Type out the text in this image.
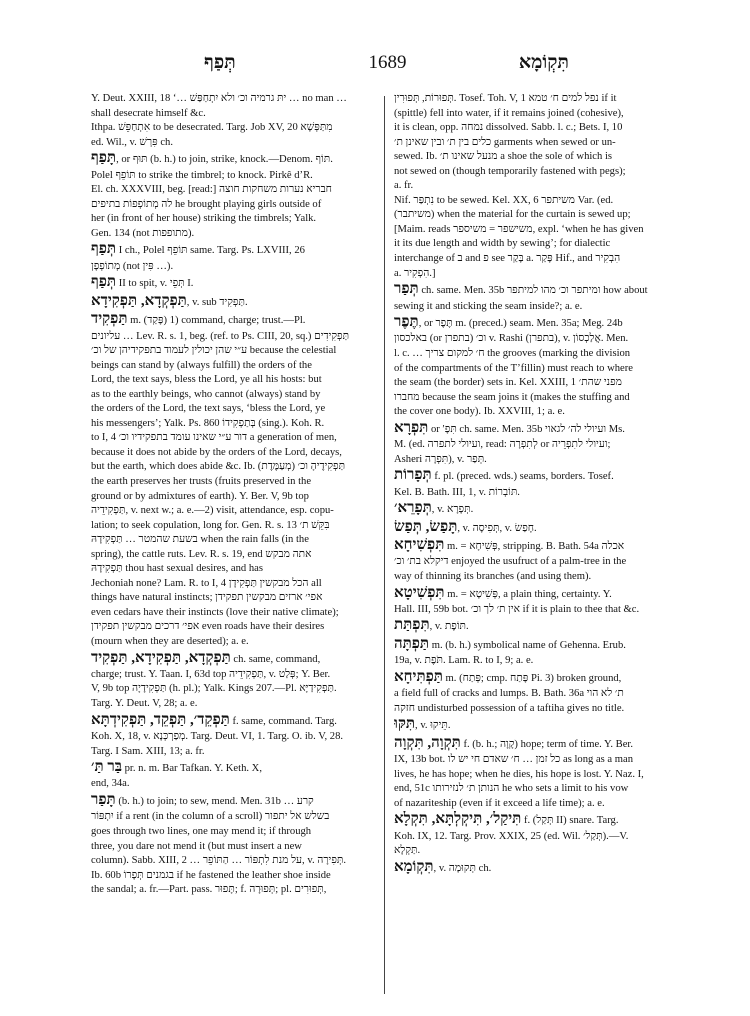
תְּפַף	1689	תִּקְוֹמָא
Y. Deut. XXIII, 18 ‘… יתּ גרמיה וכ׳ ולא יִתְחַפַּשׁ … no man …
shall desecrate himself &c.
Ithpa. אִתְחַפֵּשׁ to be desecrated. Targ. Job XV, 20 מִתַּפְּשָׁא
ed. Wil., v. פִּרְשׁ ch.
תָּפַף, or תּוּף (b. h.) to join, strike, knock.—Denom. תּוֹף.
Polel תּוֹפֵף to strike the timbrel; to knock. Pirkê d’R.
El. ch. XXXVIII, beg. [read:] חבריא נערות משחקות חוצה
לה מְתוֹפְפוֹת בתיפים he brought playing girls outside of
her (in front of her house) striking the timbrels; Yalk.
Gen. 134 (not מתופפות).
תְּפַף I ch., Polel תּוֹפֵף same. Targ. Ps. LXVIII, 26
מְתוֹפְפָן (not פִּין …).
תְּפַף II to spit, v. תְּפֵי I.
תַּפְקְדָא, תַּפְקִידָא, v. sub תַּפְקִיד.
תַּפְקִיד m. (פָּקַד) 1) command, charge; trust.—Pl.
עליונים … Lev. R. s. 1, beg. (ref. to Ps. CIII, 20, sq.) תַּפְקִידִים
ע״י שהן יכולין לעמוד בתפקידיהן של וכ׳ because the celestial
beings can stand by (always fulfill) the orders of the
Lord, the text says, bless the Lord, ye all his hosts: but
as to the earthly beings, who cannot (always) stand by
the orders of the Lord, the text says, ‘bless the Lord, ye
his messengers’; Yalk. Ps. 860 בְּתַפְקִידוֹ (sing.). Koh. R.
to I, 4 דור ע״י שאינו עומד בתפקידיו וכ׳ a generation of men,
because it does not abide by the orders of the Lord, decays,
but the earth, which does abide &c. Ib. (מְעַמֶּדֶת) תַּפְקִידֶיהָ וכ׳
the earth preserves her trusts (fruits preserved in the
ground or by admixtures of earth). Y. Ber. V, 9b top
תַּפְקִידֵיה, v. next w.; a. e.—2) visit, attendance, esp. copu-
lation; to seek copulation, long for. Gen. R. s. 13 בִּקֵּשׁ ת׳
בשעת שהמטר … תַּפְקִידָהּ when the rain falls (in the
spring), the cattle ruts. Lev. R. s. 19, end אתה מבקש
תַּפְקִידָהּ thou hast sexual desires, and has
Jechoniah none? Lam. R. to I, 4 הכל מבקשין תַּפְקִידָן all
things have natural instincts; אפי׳ ארזים מבקשין תפקידן
even cedars have their instincts (love their native climate);
אפי׳ דרכים מבקשין תפקידן even roads have their desires
(mourn when they are deserted); a. e.
תַּפְקְדָא, תַּפְקִידָא, תַּפְקִיד ch. same, command,
charge; trust. Y. Taan. I, 63d top תַּפְקִידֵיה, v. פְּלַט; Y. Ber.
V, 9b top תַּפְקִידָיָה (h. pl.); Yalk. Kings 207.—Pl. תַּפְקִידַיָּא.
Targ. Y. Deut. V, 28; a. e.
תַּפְקֵד׳, תַּפְקֵד, תַּפְקִידְתָּא f. same, command. Targ.
Koh. X, 18, v. מְפַרְכְּנָא. Targ. Deut. VI, 1. Targ. O. ib. V, 28.
Targ. I Sam. XIII, 13; a. fr.
בַּר תַּ׳ pr. n. m. Bar Tafkan. Y. Keth. X,
end, 34a.
תָּפַר (b. h.) to join; to sew, mend. Men. 31b … קרע
יִתְפּוֹר if a rent (in the column of a scroll) בשלש אל יתפור
goes through two lines, one may mend it; if through
three, you dare not mend it (but must insert a new
column). Sabb. XIII, 2 … על מנת לִתְפּוֹר … הַתּוֹפֵר, v. תְּפִירָה.
Ib. 60b בגמנים תְּפָרוֹ if he fastened the leather shoe inside
the sandal; a. fr.—Part. pass. תָּפוּר; f. תְּפוּרָה; pl. תְּפוּרִים,
תְּפוּרוֹת, תְּפוּרִין. Tosef. Toh. V, 1 נפל למים ח׳ טמא if it
(spittle) fell into water, if it remains joined (cohesive),
it is clean, opp. נמחה dissolved. Sabb. l. c.; Bets. I, 10
כלים בין ת׳ ובין שאינן ת׳ garments when sewed or un-
sewed. Ib. מנעל שאינו ת׳ a shoe the sole of which is
not sewed on (though temporarily fastened with pegs);
a. fr.
Nif. נִתְפַּר to be sewed. Kel. XX, 6 משיתפר Var. (ed.
(משיתבר) when the material for the curtain is sewed up;
[Maim. reads משישפר = משיספר, expl. ‘when he has given
it its due length and width by sewing’; for dialectic
interchange of ב and פ see בָּקַר a. פָּקַר Hif., and הִבְקִיר
a. הִפְקִיר.]
תְּפַר ch. same. Men. 35b ומיתפר וכ׳ מהו למיתפר how about
sewing it and sticking the seam inside?; a. e.
תֶּפֶר, or תֶּפֶר m. (preced.) seam. Men. 35a; Meg. 24b
באלכסון (or בתפרן) וכ׳ v. Rashi (בתפרן), v. אֲלַכְסוֹן. Men.
l. c. … ח׳ למקום צריך the grooves (marking the division
of the compartments of the T’fillin) must reach to where
the seam (the border) sets in. Kel. XXIII, 1 מפני שהת׳
מחברו because the seam joins it (makes the stuffing and
the cover one body). Ib. XXVIII, 1; a. e.
תִּפְרָא or ′תִּפָ ch. same. Men. 35b ועיולי לה׳ לגאוי Ms.
M. (ed. ועיולי לתפרה, read: לְתִפְרָה or ועיולי לתִפְרֵיה;
Asheri תִּפְרָה), v. תְּפַר.
תְּפָרוֹת f. pl. (preced. wds.) seams, borders. Tosef.
Kel. B. Bath. III, 1, v. תּוֹבְרוֹת.
תְּפָרֵא׳, v. תְּפָרָא.
תָּפַשׂ, תְּפַשׂ, v. תְּפִיסָה, v. חָפַשׂ.
תִּפְשִׁיחָא m. = פְּשִׁיחָא, stripping. B. Bath. 54a אכלה
דיקלא בת׳ וכ׳ enjoyed the usufruct of a palm-tree in the
way of thinning its branches (and using them).
תִּפְשִׁיטָא m. = פְּשִׁיטָא, a plain thing, certainty. Y.
Hall. III, 59b bot. אין ת׳ לך וכ׳ if it is plain to thee that &c.
תִּפְתַּת, v. תּוֹפֶת.
תַּפְתָּה m. (b. h.) symbolical name of Gehenna. Erub.
19a, v. תֹּפֶת. Lam. R. to I, 9; a. e.
תַּפְתִּיחָא m. (פְּתַח; cmp. פָּתַח Pi. 3) broken ground,
a field full of cracks and lumps. B. Bath. 36a ת׳ לא הוי
חזקה undisturbed possession of a taftiha gives no title.
תִּקּוּ, v. תֵּיקוּ.
תִּקְוָה, תִּקְוָה f. (b. h.; קָוָה) hope; term of time. Y. Ber.
IX, 13b bot. כל זמן … ח׳ שאדם חי יש לו as long as a man
lives, he has hope; when he dies, his hope is lost. Y. Naz. I,
end, 51c הנותן ת׳ לנזירותו he who sets a limit to his vow
of nazariteship (even if it exceed a life time); a. e.
תִּיקַל׳, תִּיקְלְתָּא, תִּקְלָא f. (תְּקַל II) snare. Targ.
Koh. IX, 12. Targ. Prov. XXIX, 25 (ed. Wil. תְּקַל׳).—V.
תַּקְלָא.
תִּקְוֹמָא, v. תְּקוּמָה ch.
